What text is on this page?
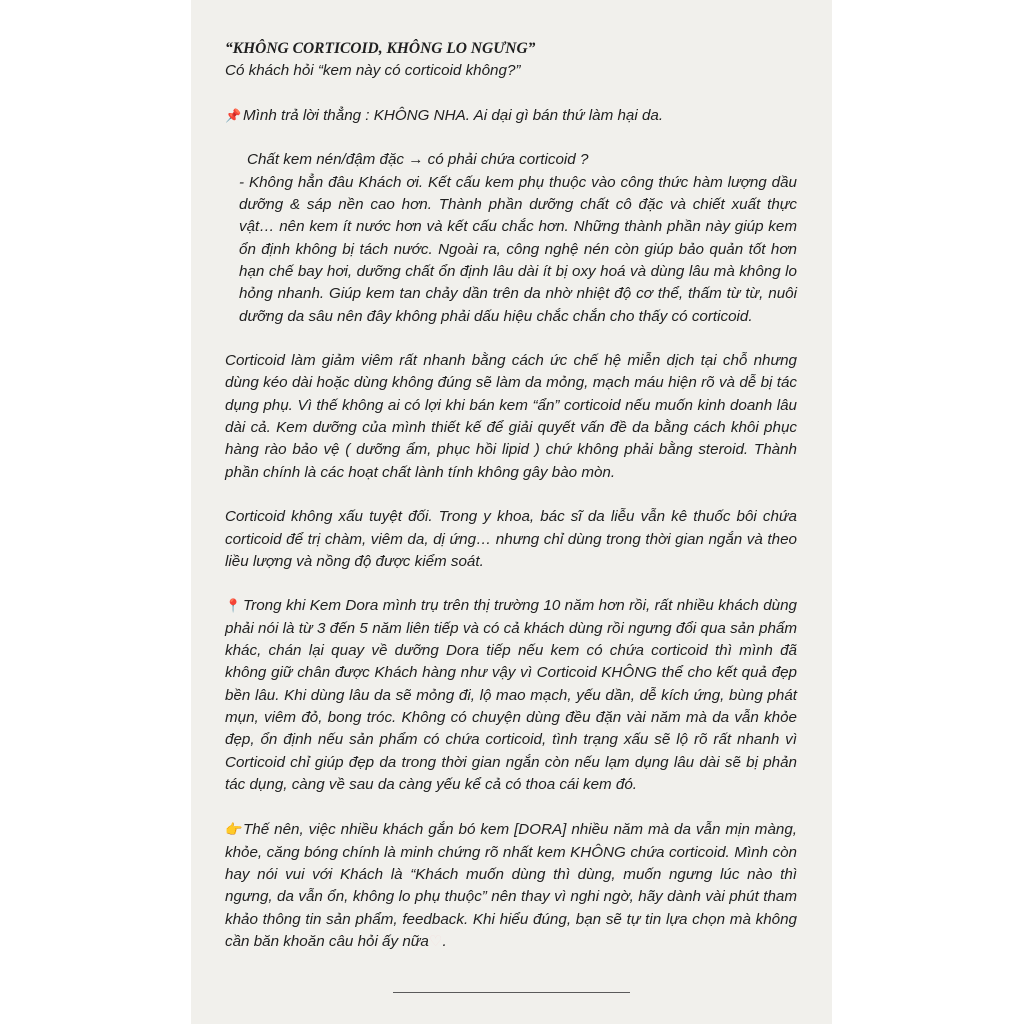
“KHÔNG CORTICOID, KHÔNG LO NGƯNG”

Có khách hỏi “kem này có corticoid không?”

📌 Mình trả lời thẳng : KHÔNG NHA. Ai dại gì bán thứ làm hại da.

Chất kem nén/đậm đặc → có phải chứa corticoid ?

- Không hẳn đâu Khách ơi. Kết cấu kem phụ thuộc vào công thức hàm lượng dầu dưỡng & sáp nền cao hơn. Thành phần dưỡng chất cô đặc và chiết xuất thực vật… nên kem ít nước hơn và kết cấu chắc hơn. Những thành phần này giúp kem ổn định không bị tách nước. Ngoài ra, công nghệ nén còn giúp bảo quản tốt hơn hạn chế bay hơi, dưỡng chất ổn định lâu dài ít bị oxy hoá và dùng lâu mà không lo hỏng nhanh. Giúp kem tan chảy dần trên da nhờ nhiệt độ cơ thể, thấm từ từ, nuôi dưỡng da sâu nên đây không phải dấu hiệu chắc chắn cho thấy có corticoid.

Corticoid làm giảm viêm rất nhanh bằng cách ức chế hệ miễn dịch tại chỗ nhưng dùng kéo dài hoặc dùng không đúng sẽ làm da mỏng, mạch máu hiện rõ và dễ bị tác dụng phụ. Vì thế không ai có lợi khi bán kem “ẩn” corticoid nếu muốn kinh doanh lâu dài cả. Kem dưỡng của mình thiết kế để giải quyết vấn đề da bằng cách khôi phục hàng rào bảo vệ ( dưỡng ẩm, phục hồi lipid ) chứ không phải bằng steroid. Thành phần chính là các hoạt chất lành tính không gây bào mòn.

Corticoid không xấu tuyệt đối. Trong y khoa, bác sĩ da liễu vẫn kê thuốc bôi chứa corticoid để trị chàm, viêm da, dị ứng… nhưng chỉ dùng trong thời gian ngắn và theo liều lượng và nồng độ được kiểm soát.

📍 Trong khi Kem Dora mình trụ trên thị trường 10 năm hơn rồi, rất nhiều khách dùng phải nói là từ 3 đến 5 năm liên tiếp và có cả khách dùng rồi ngưng đổi qua sản phẩm khác, chán lại quay về dưỡng Dora tiếp nếu kem có chứa corticoid thì mình đã không giữ chân được Khách hàng như vậy vì Corticoid KHÔNG thể cho kết quả đẹp bền lâu. Khi dùng lâu da sẽ mỏng đi, lộ mao mạch, yếu dần, dễ kích ứng, bùng phát mụn, viêm đỏ, bong tróc. Không có chuyện dùng đều đặn vài năm mà da vẫn khỏe đẹp, ổn định nếu sản phẩm có chứa corticoid, tình trạng xấu sẽ lộ rõ rất nhanh vì Corticoid chỉ giúp đẹp da trong thời gian ngắn còn nếu lạm dụng lâu dài sẽ bị phản tác dụng, càng về sau da càng yếu kể cả có thoa cái kem đó.

👉Thế nên, việc nhiều khách gắn bó kem [DORA] nhiều năm mà da vẫn mịn màng, khỏe, căng bóng chính là minh chứng rõ nhất kem KHÔNG chứa corticoid. Mình còn hay nói vui với Khách là “Khách muốn dùng thì dùng, muốn ngưng lúc nào thì ngưng, da vẫn ổn, không lo phụ thuộc” nên thay vì nghi ngờ, hãy dành vài phút tham khảo thông tin sản phẩm, feedback. Khi hiểu đúng, bạn sẽ tự tin lựa chọn mà không cần băn khoăn câu hỏi ấy nữa♡.
